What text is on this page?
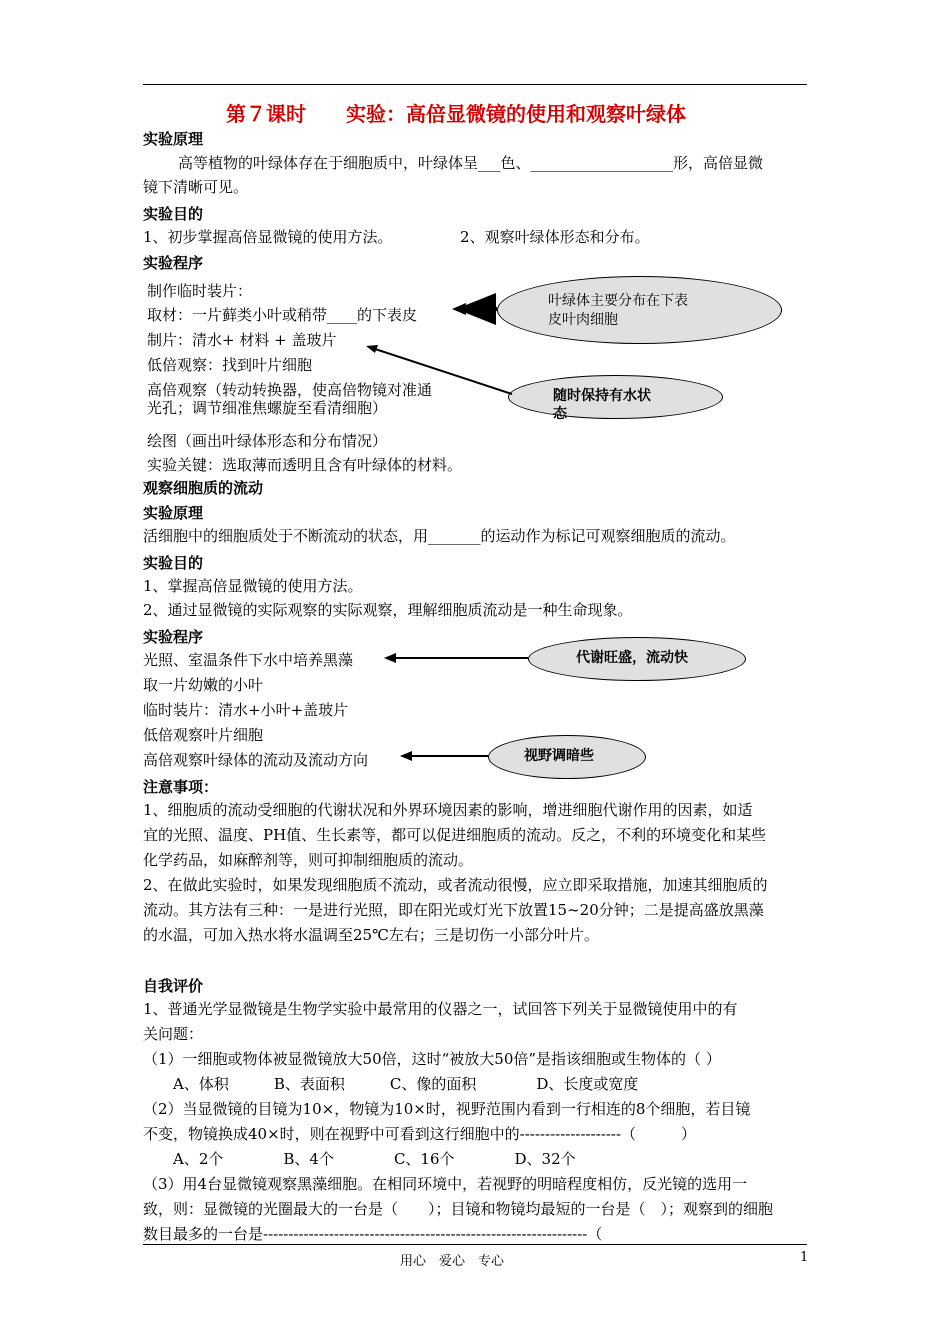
第７课时　　实验：高倍显微镜的使用和观察叶绿体
实验原理
高等植物的叶绿体存在于细胞质中，叶绿体呈___色、___________________形，高倍显微
镜下清晰可见。
实验目的
1、初步掌握高倍显微镜的使用方法。　　　　　2、观察叶绿体形态和分布。
实验程序
制作临时装片：
取材：一片藓类小叶或稍带____的下表皮
制片：清水+ 材料 + 盖玻片
低倍观察：找到叶片细胞
高倍观察（转动转换器，使高倍物镜对准通
光孔；调节细准焦螺旋至看清细胞）
绘图（画出叶绿体形态和分布情况）
实验关键：选取薄而透明且含有叶绿体的材料。
叶绿体主要分布在下表
皮叶肉细胞
随时保持有水状
态
观察细胞质的流动
实验原理
活细胞中的细胞质处于不断流动的状态，用_______的运动作为标记可观察细胞质的流动。
实验目的
1、掌握高倍显微镜的使用方法。
2、通过显微镜的实际观察的实际观察，理解细胞质流动是一种生命现象。
实验程序
光照、室温条件下水中培养黑藻
取一片幼嫩的小叶
临时装片：清水+小叶+盖玻片
低倍观察叶片细胞
高倍观察叶绿体的流动及流动方向
代谢旺盛，流动快
视野调暗些
注意事项：
1、细胞质的流动受细胞的代谢状况和外界环境因素的影响，增进细胞代谢作用的因素，如适
宜的光照、温度、PH值、生长素等，都可以促进细胞质的流动。反之，不利的环境变化和某些
化学药品，如麻醉剂等，则可抑制细胞质的流动。
2、在做此实验时，如果发现细胞质不流动，或者流动很慢，应立即采取措施，加速其细胞质的
流动。其方法有三种：一是进行光照，即在阳光或灯光下放置15~20分钟；二是提高盛放黑藻
的水温，可加入热水将水温调至25℃左右；三是切伤一小部分叶片。
自我评价
1、普通光学显微镜是生物学实验中最常用的仪器之一，试回答下列关于显微镜使用中的有
关问题：
（1）一细胞或物体被显微镜放大50倍，这时“被放大50倍”是指该细胞或生物体的（ ）
　　A、体积　　　B、表面积　　　C、像的面积　　　　D、长度或宽度
（2）当显微镜的目镜为10×，物镜为10×时，视野范围内看到一行相连的8个细胞，若目镜
不变，物镜换成40×时，则在视野中可看到这行细胞中的--------------------（　　　）
　　A、2个　　　　B、4个　　　　C、16个　　　　D、32个
（3）用4台显微镜观察黑藻细胞。在相同环境中，若视野的明暗程度相仿，反光镜的选用一
致，则：显微镜的光圈最大的一台是（　　）；目镜和物镜均最短的一台是（　）；观察到的细胞
数目最多的一台是----------------------------------------------------------------（
用心　爱心　专心	1
